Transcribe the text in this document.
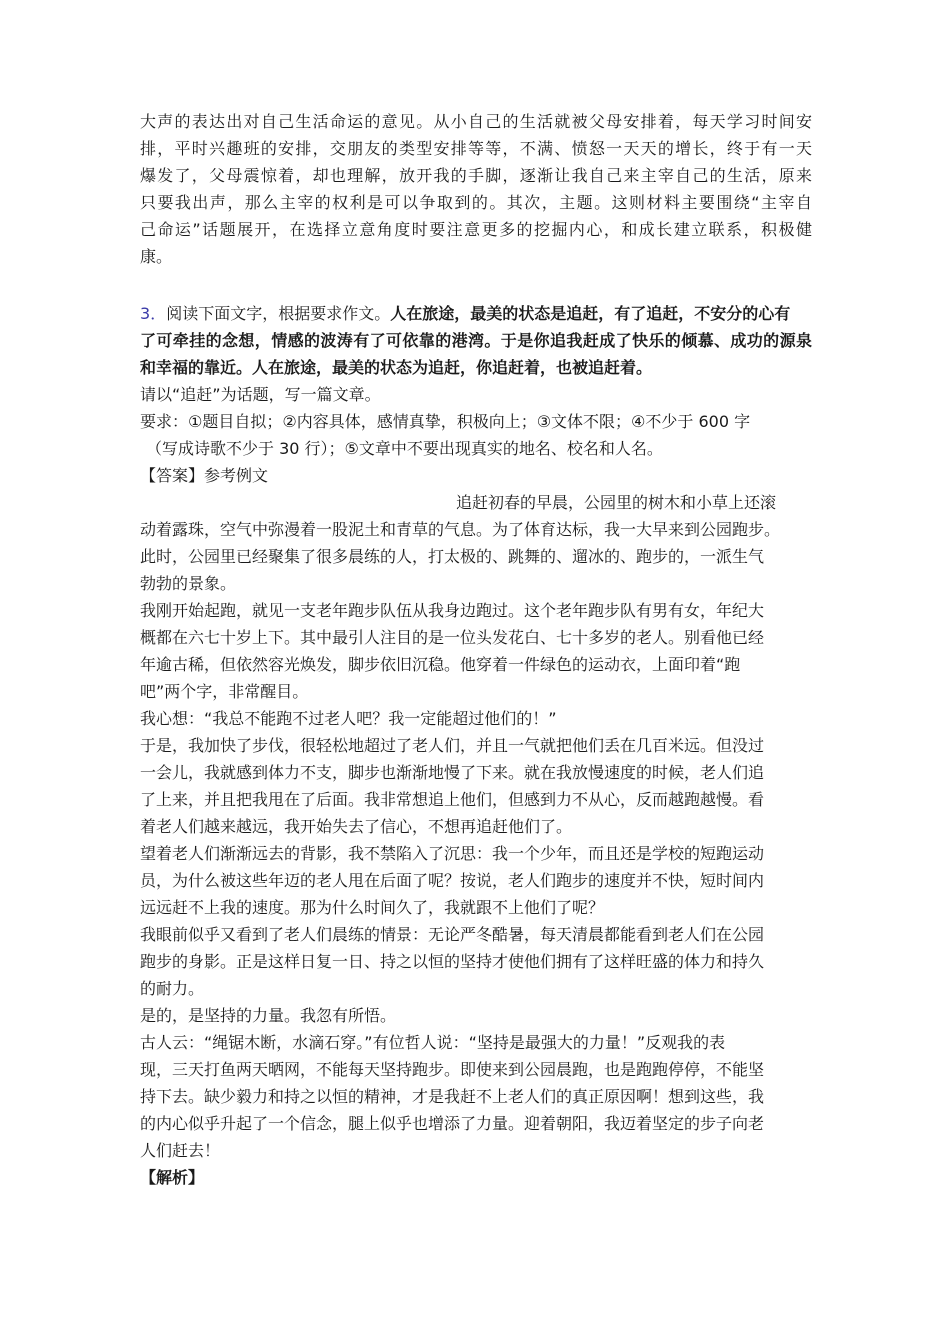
大声的表达出对自己生活命运的意见。从小自己的生活就被父母安排着，每天学习时间安
排，平时兴趣班的安排，交朋友的类型安排等等，不满、愤怒一天天的增长，终于有一天
爆发了，父母震惊着，却也理解，放开我的手脚，逐渐让我自己来主宰自己的生活，原来
只要我出声，那么主宰的权利是可以争取到的。其次，主题。这则材料主要围绕“主宰自
己命运”话题展开，在选择立意角度时要注意更多的挖掘内心，和成长建立联系，积极健
康。
3．阅读下面文字，根据要求作文。人在旅途，最美的状态是追赶，有了追赶，不安分的心有
了可牵挂的念想，情感的波涛有了可依靠的港湾。于是你追我赶成了快乐的倾慕、成功的源泉
和幸福的靠近。人在旅途，最美的状态为追赶，你追赶着，也被追赶着。
请以“追赶”为话题，写一篇文章。
要求：①题目自拟；②内容具体，感情真挚，积极向上；③文体不限；④不少于 600 字
（写成诗歌不少于 30 行）；⑤文章中不要出现真实的地名、校名和人名。
【答案】参考例文
追赶初春的早晨，公园里的树木和小草上还滚
动着露珠，空气中弥漫着一股泥土和青草的气息。为了体育达标，我一大早来到公园跑步。
此时，公园里已经聚集了很多晨练的人，打太极的、跳舞的、遛冰的、跑步的，一派生气
勃勃的景象。
我刚开始起跑，就见一支老年跑步队伍从我身边跑过。这个老年跑步队有男有女，年纪大
概都在六七十岁上下。其中最引人注目的是一位头发花白、七十多岁的老人。别看他已经
年逾古稀，但依然容光焕发，脚步依旧沉稳。他穿着一件绿色的运动衣，上面印着“跑
吧”两个字，非常醒目。
我心想：“我总不能跑不过老人吧？我一定能超过他们的！”
于是，我加快了步伐，很轻松地超过了老人们，并且一气就把他们丢在几百米远。但没过
一会儿，我就感到体力不支，脚步也渐渐地慢了下来。就在我放慢速度的时候，老人们追
了上来，并且把我甩在了后面。我非常想追上他们，但感到力不从心，反而越跑越慢。看
着老人们越来越远，我开始失去了信心，不想再追赶他们了。
望着老人们渐渐远去的背影，我不禁陷入了沉思：我一个少年，而且还是学校的短跑运动
员，为什么被这些年迈的老人甩在后面了呢？按说，老人们跑步的速度并不快，短时间内
远远赶不上我的速度。那为什么时间久了，我就跟不上他们了呢？
我眼前似乎又看到了老人们晨练的情景：无论严冬酷暑，每天清晨都能看到老人们在公园
跑步的身影。正是这样日复一日、持之以恒的坚持才使他们拥有了这样旺盛的体力和持久
的耐力。
是的，是坚持的力量。我忽有所悟。
古人云：“绳锯木断，水滴石穿。”有位哲人说：“坚持是最强大的力量！”反观我的表
现，三天打鱼两天晒网，不能每天坚持跑步。即使来到公园晨跑，也是跑跑停停，不能坚
持下去。缺少毅力和持之以恒的精神，才是我赶不上老人们的真正原因啊！想到这些，我
的内心似乎升起了一个信念，腿上似乎也增添了力量。迎着朝阳，我迈着坚定的步子向老
人们赶去！
【解析】
